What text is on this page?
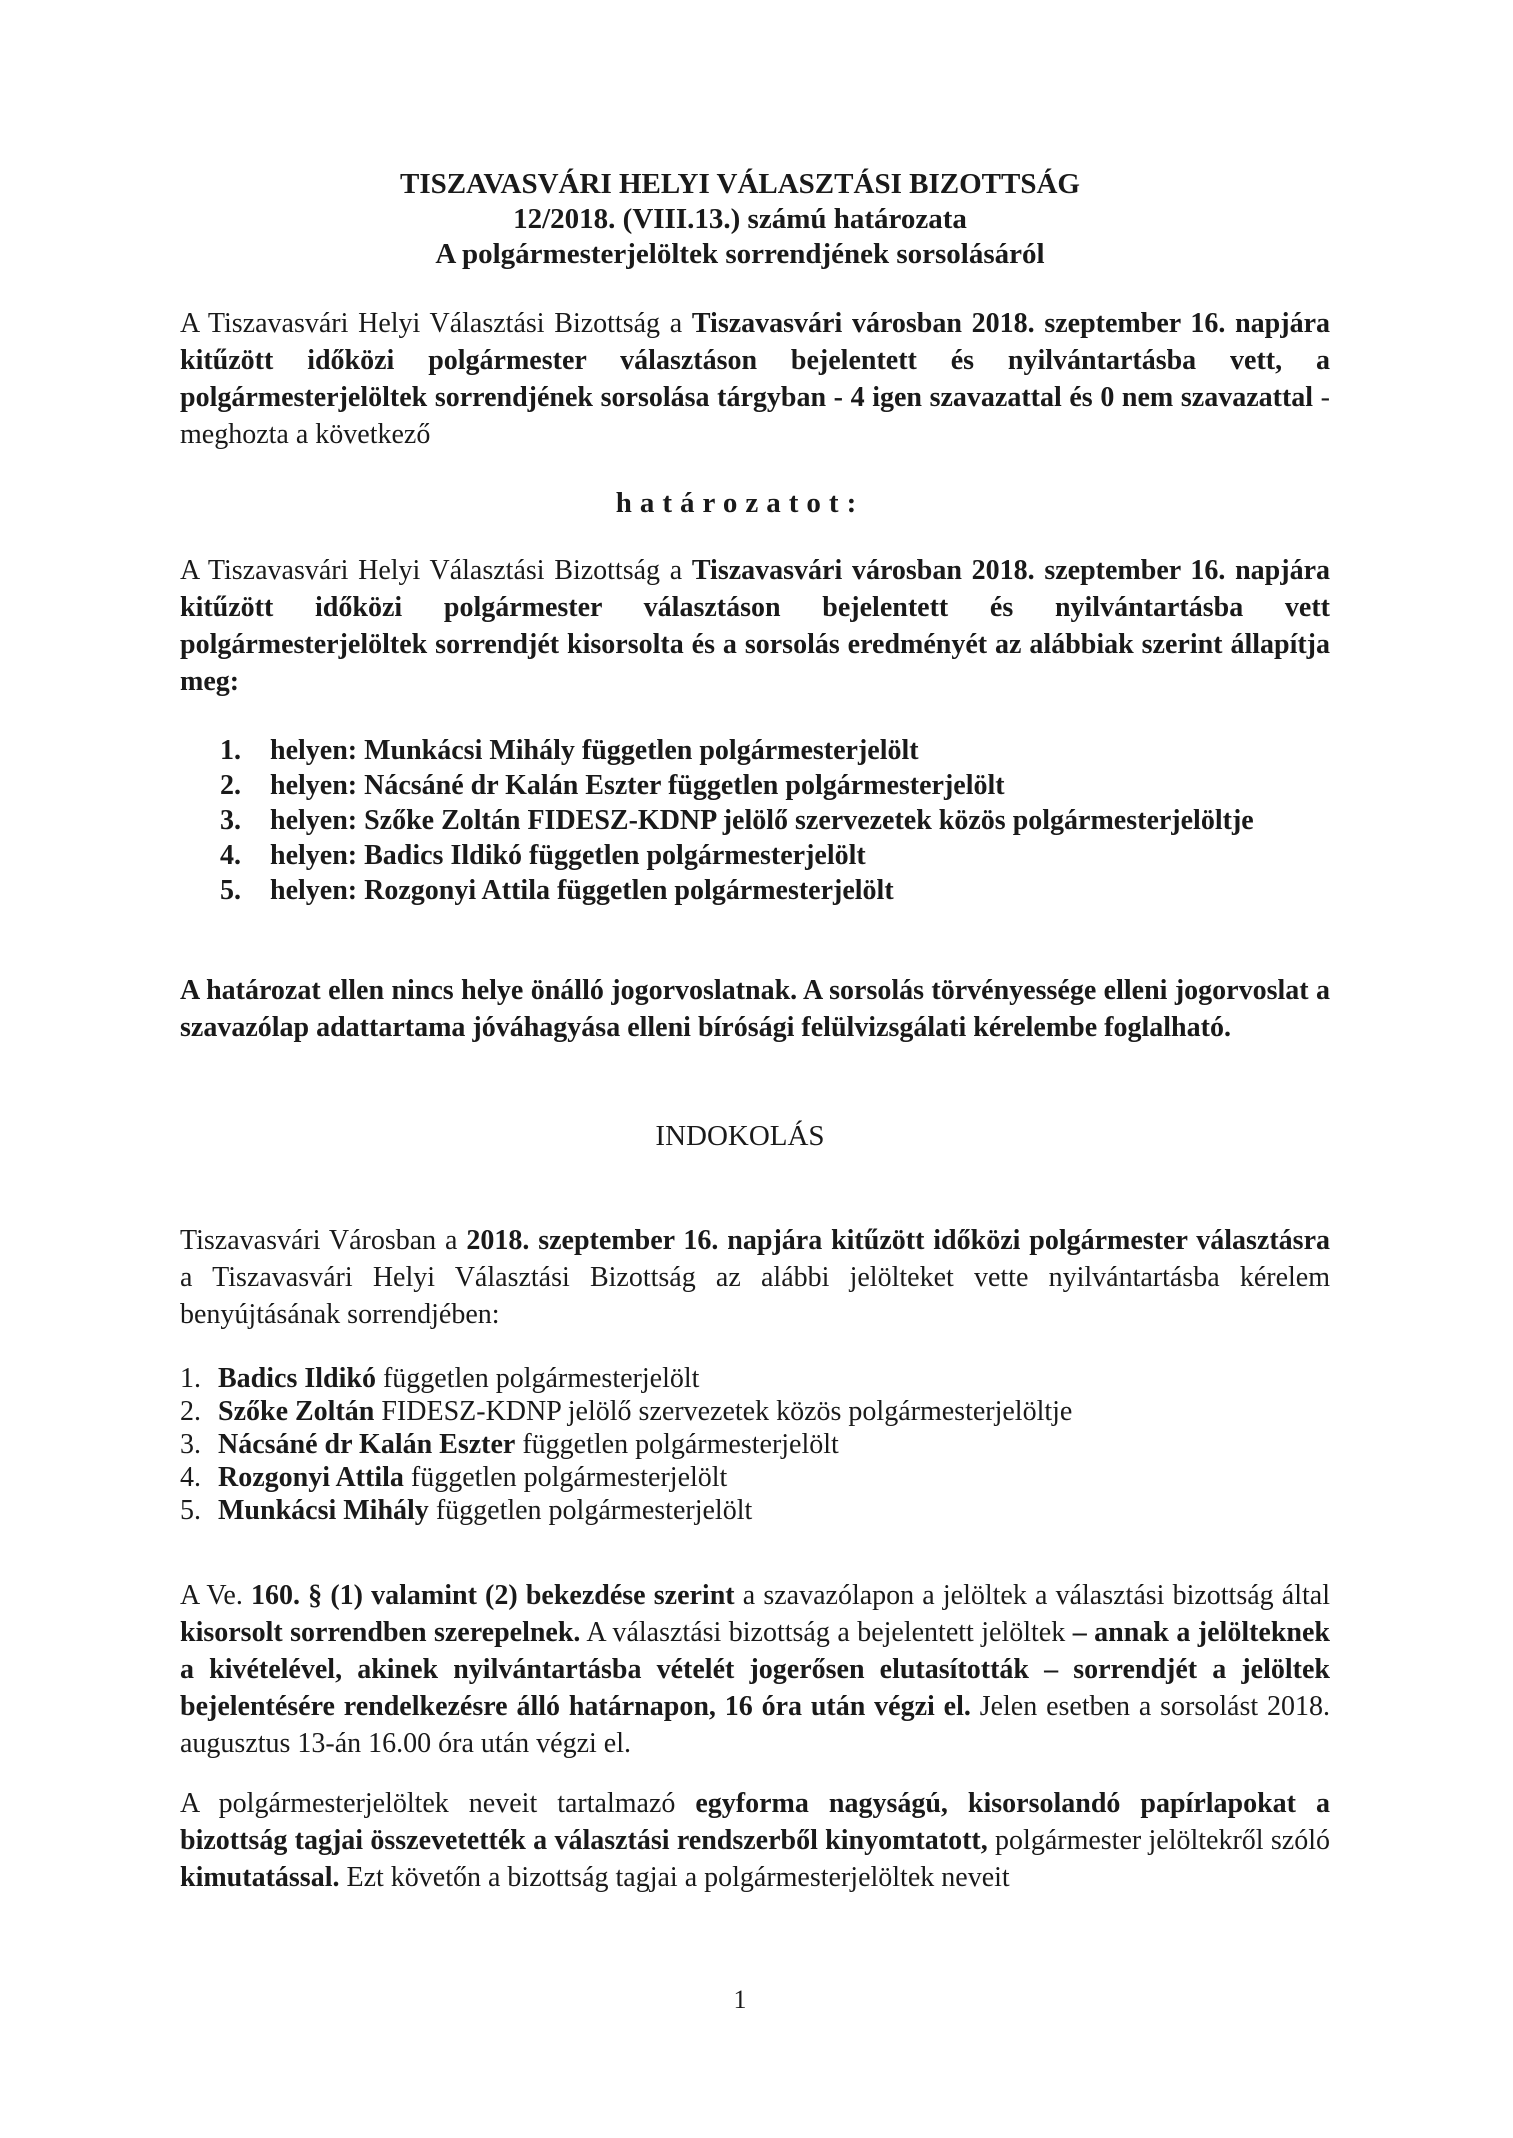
TISZAVASVÁRI HELYI VÁLASZTÁSI BIZOTTSÁG
12/2018. (VIII.13.) számú határozata
A polgármesterjelöltek sorrendjének sorsolásáról
A Tiszavasvári Helyi Választási Bizottság a Tiszavasvári városban 2018. szeptember 16. napjára kitűzött időközi polgármester választáson bejelentett és nyilvántartásba vett, a polgármesterjelöltek sorrendjének sorsolása tárgyban - 4 igen szavazattal és 0 nem szavazattal - meghozta a következő
határozatot:
A Tiszavasvári Helyi Választási Bizottság a Tiszavasvári városban 2018. szeptember 16. napjára kitűzött időközi polgármester választáson bejelentett és nyilvántartásba vett polgármesterjelöltek sorrendjét kisorsolta és a sorsolás eredményét az alábbiak szerint állapítja meg:
1.	helyen: Munkácsi Mihály független polgármesterjelölt
2.	helyen: Nácsáné dr Kalán Eszter független polgármesterjelölt
3.	helyen: Szőke Zoltán FIDESZ-KDNP jelölő szervezetek közös polgármesterjelöltje
4.	helyen: Badics Ildikó független polgármesterjelölt
5.	helyen: Rozgonyi Attila független polgármesterjelölt
A határozat ellen nincs helye önálló jogorvoslatnak. A sorsolás törvényessége elleni jogorvoslat a szavazólap adattartama jóváhagyása elleni bírósági felülvizsgálati kérelembe foglalható.
INDOKOLÁS
Tiszavasvári Városban a 2018. szeptember 16. napjára kitűzött időközi polgármester választásra a Tiszavasvári Helyi Választási Bizottság az alábbi jelölteket vette nyilvántartásba kérelem benyújtásának sorrendjében:
1. Badics Ildikó független polgármesterjelölt
2. Szőke Zoltán FIDESZ-KDNP jelölő szervezetek közös polgármesterjelöltje
3. Nácsáné dr Kalán Eszter független polgármesterjelölt
4. Rozgonyi Attila független polgármesterjelölt
5. Munkácsi Mihály független polgármesterjelölt
A Ve. 160. § (1) valamint (2) bekezdése szerint a szavazólapon a jelöltek a választási bizottság által kisorsolt sorrendben szerepelnek. A választási bizottság a bejelentett jelöltek – annak a jelölteknek a kivételével, akinek nyilvántartásba vételét jogerősen elutasították – sorrendjét a jelöltek bejelentésére rendelkezésre álló határnapon, 16 óra után végzi el. Jelen esetben a sorsolást 2018. augusztus 13-án 16.00 óra után végzi el.
A polgármesterjelöltek neveit tartalmazó egyforma nagyságú, kisorsolandó papírlapokat a bizottság tagjai összevetették a választási rendszerből kinyomtatott, polgármester jelöltekről szóló kimutatással. Ezt követőn a bizottság tagjai a polgármesterjelöltek neveit
1
